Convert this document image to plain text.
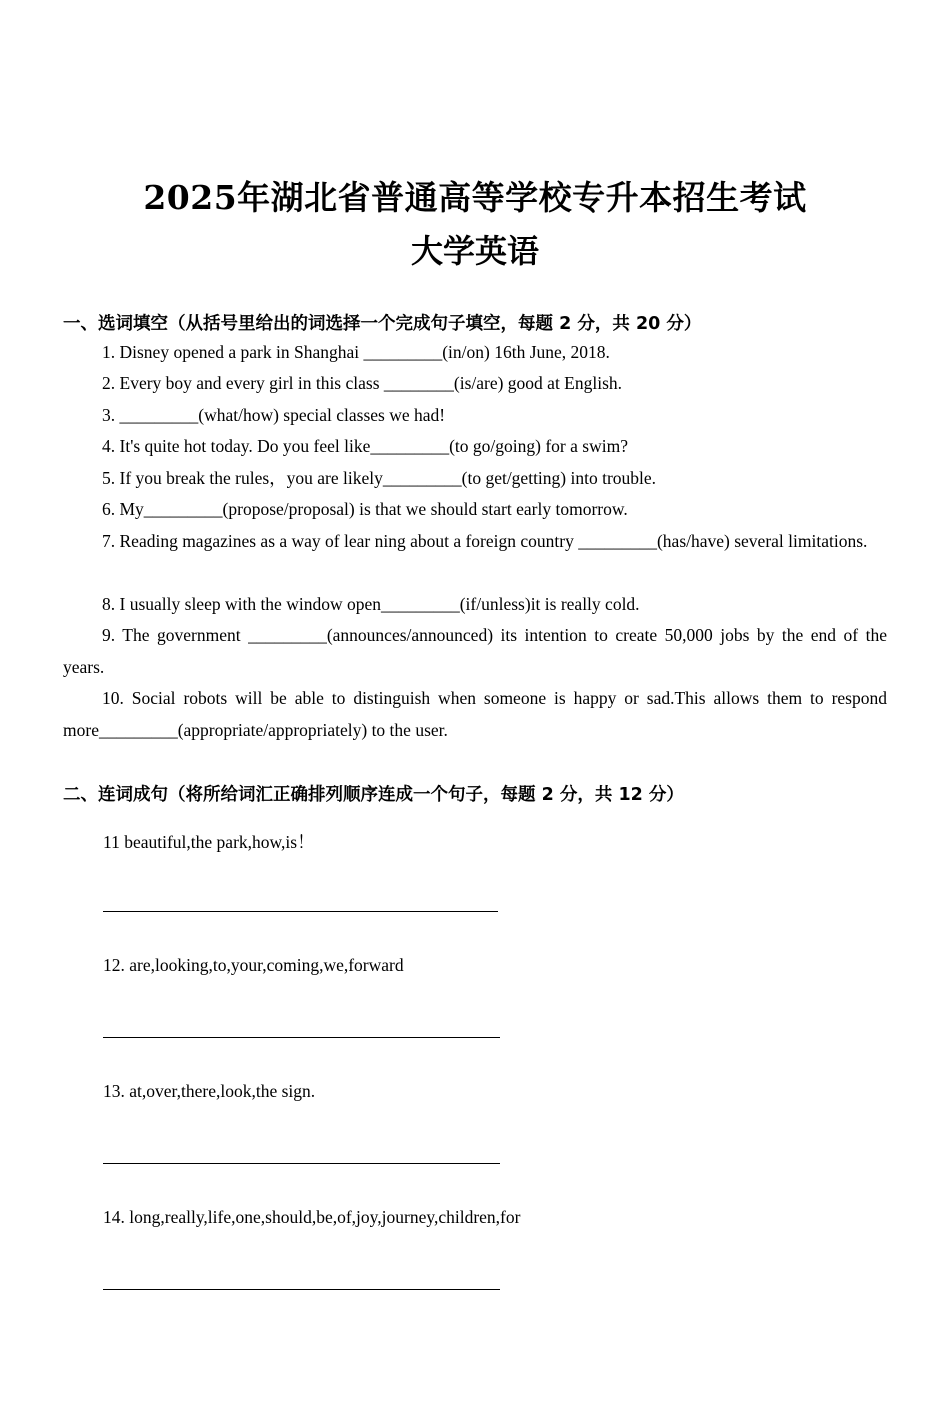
2025年湖北省普通高等学校专升本招生考试
大学英语
一、选词填空（从括号里给出的词选择一个完成句子填空，每题 2 分，共 20 分）

1. Disney opened a park in Shanghai _________(in/on) 16th June, 2018.

2. Every boy and every girl in this class ________(is/are) good at English.

3. _________(what/how) special classes we had!

4. It's quite hot today. Do you feel like_________(to go/going) for a swim?

5. If you break the rules，you are likely_________(to get/getting) into trouble.

6. My_________(propose/proposal) is that we should start early tomorrow.

7. Reading magazines as a way of lear ning about a foreign country _________(has/have) several limitations.

8. I usually sleep with the window open_________(if/unless)it is really cold.

9. The government _________(announces/announced) its intention to create 50,000 jobs by the end of the years.

10. Social robots will be able to distinguish when someone is happy or sad.This allows them to respond more_________(appropriate/appropriately) to the user.

二、连词成句（将所给词汇正确排列顺序连成一个句子，每题 2 分，共 12 分）
11 beautiful,the park,how,is！
12. are,looking,to,your,coming,we,forward
13. at,over,there,look,the sign.
14. long,really,life,one,should,be,of,joy,journey,children,for
